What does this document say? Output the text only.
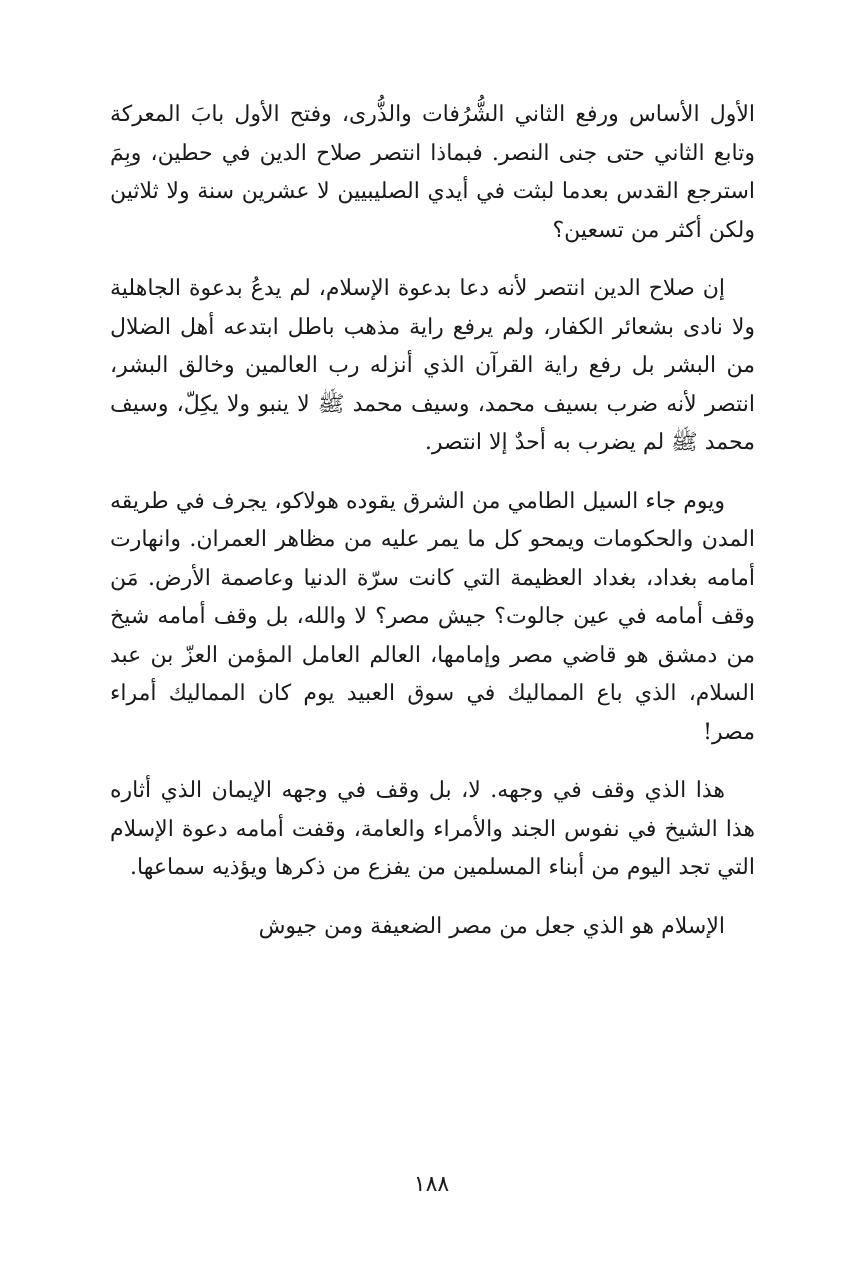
الأول الأساس ورفع الثاني الشُّرُفات والذُّرى، وفتح الأول بابَ المعركة وتابع الثاني حتى جنى النصر. فبماذا انتصر صلاح الدين في حطين، وبِمَ استرجع القدس بعدما لبثت في أيدي الصليبيين لا عشرين سنة ولا ثلاثين ولكن أكثر من تسعين؟

إن صلاح الدين انتصر لأنه دعا بدعوة الإسلام، لم يدعُ بدعوة الجاهلية ولا نادى بشعائر الكفار، ولم يرفع راية مذهب باطل ابتدعه أهل الضلال من البشر بل رفع راية القرآن الذي أنزله رب العالمين وخالق البشر، انتصر لأنه ضرب بسيف محمد، وسيف محمد ﷺ لا ينبو ولا يكِلّ، وسيف محمد ﷺ لم يضرب به أحدٌ إلا انتصر.

ويوم جاء السيل الطامي من الشرق يقوده هولاكو، يجرف في طريقه المدن والحكومات ويمحو كل ما يمر عليه من مظاهر العمران. وانهارت أمامه بغداد، بغداد العظيمة التي كانت سرّة الدنيا وعاصمة الأرض. مَن وقف أمامه في عين جالوت؟ جيش مصر؟ لا والله، بل وقف أمامه شيخ من دمشق هو قاضي مصر وإمامها، العالم العامل المؤمن العزّ بن عبد السلام، الذي باع المماليك في سوق العبيد يوم كان المماليك أمراء مصر!

هذا الذي وقف في وجهه. لا، بل وقف في وجهه الإيمان الذي أثاره هذا الشيخ في نفوس الجند والأمراء والعامة، وقفت أمامه دعوة الإسلام التي تجد اليوم من أبناء المسلمين من يفزع من ذكرها ويؤذيه سماعها.

الإسلام هو الذي جعل من مصر الضعيفة ومن جيوش

١٨٨
